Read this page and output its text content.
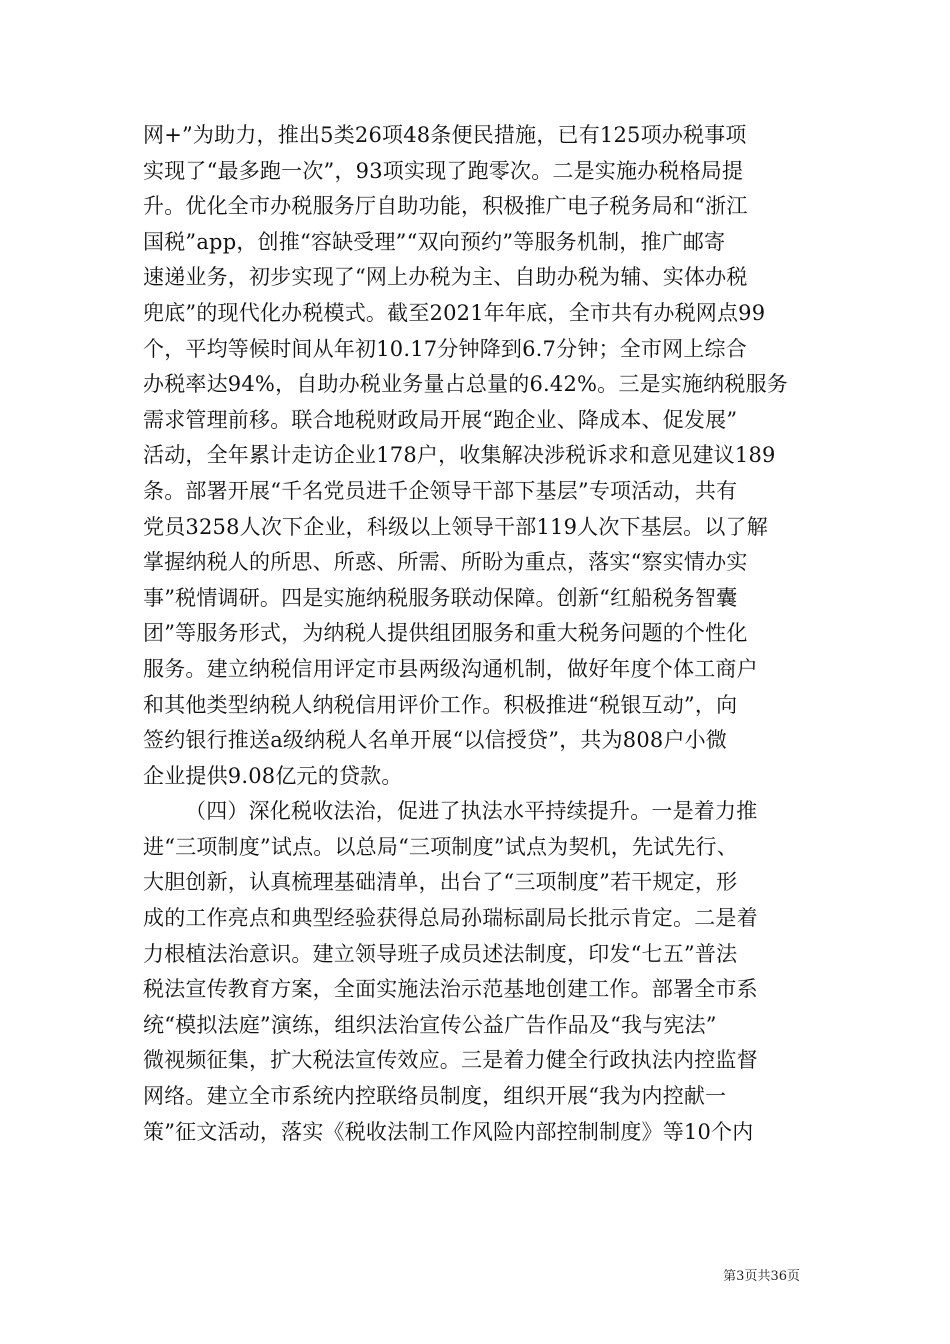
网+”为助力，推出5类26项48条便民措施，已有125项办税事项
实现了“最多跑一次”，93项实现了跑零次。二是实施办税格局提
升。优化全市办税服务厅自助功能，积极推广电子税务局和“浙江
国税”app，创推“容缺受理”“双向预约”等服务机制，推广邮寄
速递业务，初步实现了“网上办税为主、自助办税为辅、实体办税
兜底”的现代化办税模式。截至2021年年底，全市共有办税网点99
个，平均等候时间从年初10.17分钟降到6.7分钟；全市网上综合
办税率达94%，自助办税业务量占总量的6.42%。三是实施纳税服务
需求管理前移。联合地税财政局开展“跑企业、降成本、促发展”
活动，全年累计走访企业178户，收集解决涉税诉求和意见建议189
条。部署开展“千名党员进千企领导干部下基层”专项活动，共有
党员3258人次下企业，科级以上领导干部119人次下基层。以了解
掌握纳税人的所思、所惑、所需、所盼为重点，落实“察实情办实
事”税情调研。四是实施纳税服务联动保障。创新“红船税务智囊
团”等服务形式，为纳税人提供组团服务和重大税务问题的个性化
服务。建立纳税信用评定市县两级沟通机制，做好年度个体工商户
和其他类型纳税人纳税信用评价工作。积极推进“税银互动”，向
签约银行推送a级纳税人名单开展“以信授贷”，共为808户小微
企业提供9.08亿元的贷款。
（四）深化税收法治，促进了执法水平持续提升。一是着力推
进“三项制度”试点。以总局“三项制度”试点为契机，先试先行、
大胆创新，认真梳理基础清单，出台了“三项制度”若干规定，形
成的工作亮点和典型经验获得总局孙瑞标副局长批示肯定。二是着
力根植法治意识。建立领导班子成员述法制度，印发“七五”普法
税法宣传教育方案，全面实施法治示范基地创建工作。部署全市系
统“模拟法庭”演练，组织法治宣传公益广告作品及“我与宪法”
微视频征集，扩大税法宣传效应。三是着力健全行政执法内控监督
网络。建立全市系统内控联络员制度，组织开展“我为内控献一
策”征文活动，落实《税收法制工作风险内部控制制度》等10个内
第3页共36页
